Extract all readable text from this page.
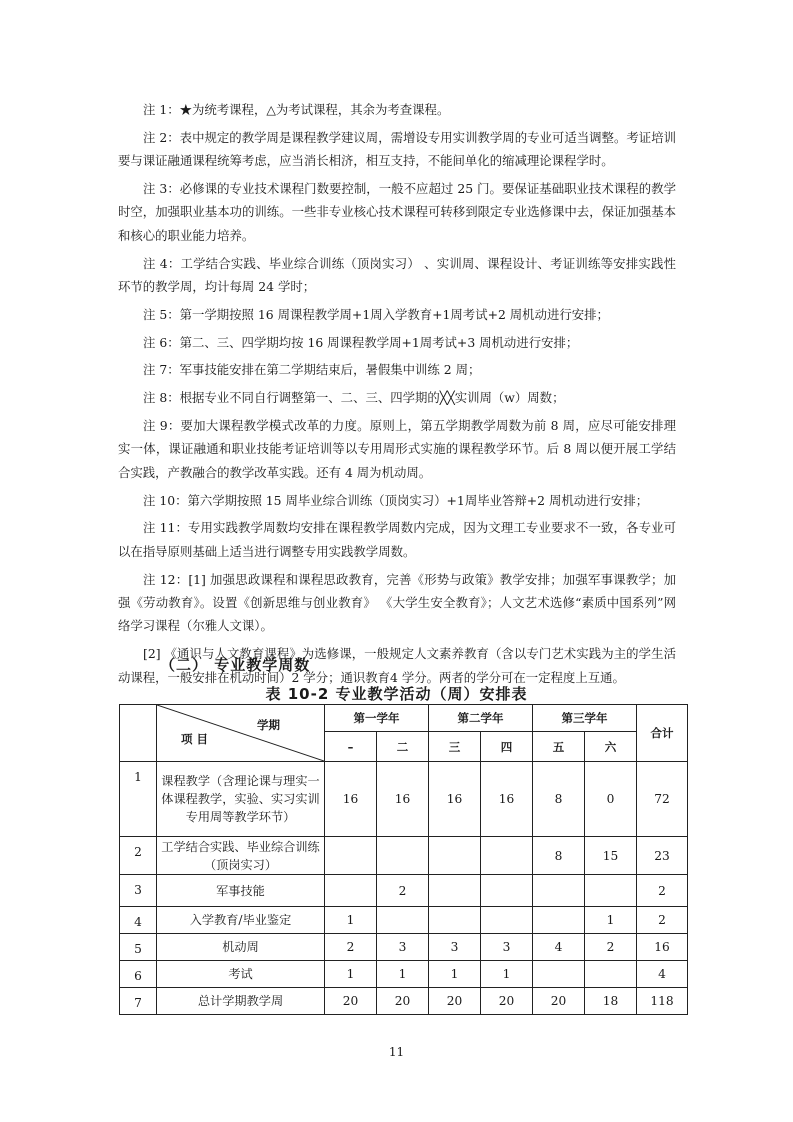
注 1：★为统考课程，△为考试课程，其余为考查课程。

注 2：表中规定的教学周是课程教学建议周，需增设专用实训教学周的专业可适当调整。考证培训要与课证融通课程统筹考虑，应当消长相济，相互支持，不能间单化的缩减理论课程学时。

注 3：必修课的专业技术课程门数要控制，一般不应超过 25 门。要保证基础职业技术课程的教学时空，加强职业基本功的训练。一些非专业核心技术课程可转移到限定专业选修课中去，保证加强基本和核心的职业能力培养。

注 4：工学结合实践、毕业综合训练（顶岗实习） 、实训周、课程设计、考证训练等安排实践性环节的教学周，均计每周 24 学时；

注 5：第一学期按照 16 周课程教学周+1周入学教育+1周考试+2 周机动进行安排；

注 6：第二、三、四学期均按 16 周课程教学周+1周考试+3 周机动进行安排；

注 7：军事技能安排在第二学期结束后，暑假集中训练 2 周；

注 8：根据专业不同自行调整第一、二、三、四学期的╳╳实训周（w）周数；

注 9：要加大课程教学模式改革的力度。原则上，第五学期教学周数为前 8 周，应尽可能安排理实一体，课证融通和职业技能考证培训等以专用周形式实施的课程教学环节。后 8 周以便开展工学结合实践，产教融合的教学改革实践。还有 4 周为机动周。

注 10：第六学期按照 15 周毕业综合训练（顶岗实习）+1周毕业答辩+2 周机动进行安排；

注 11：专用实践教学周数均安排在课程教学周数内完成，因为文理工专业要求不一致，各专业可以在指导原则基础上适当进行调整专用实践教学周数。

注 12：[1] 加强思政课程和课程思政教育，完善《形势与政策》教学安排；加强军事课教学；加强《劳动教育》。设置《创新思维与创业教育》 《大学生安全教育》；人文艺术选修“素质中国系列”网络学习课程（尔雅人文课）。

[2] 《通识与人文教育课程》为选修课，一般规定人文素养教育（含以专门艺术实践为主的学生活动课程，一般安排在机动时间）2 学分；通识教育4 学分。两者的学分可在一定程度上互通。

（二） 专业教学周数
表 10-2 专业教学活动（周）安排表

	学期
项 目	第一学年		第二学年		第三学年		合计
		–	二	三	四	五	六	
1	课程教学（含理论课与理实一体课程教学，实验、实习实训专用周等教学环节）	16	16	16	16	8	0	72
2	工学结合实践、毕业综合训练（顶岗实习）					8	15	23
3	军事技能		2					2
4	入学教育/毕业鉴定	1					1	2
5	机动周	2	3	3	3	4	2	16
6	考试	1	1	1	1			4
7	总计学期教学周	20	20	20	20	20	18	118
11
